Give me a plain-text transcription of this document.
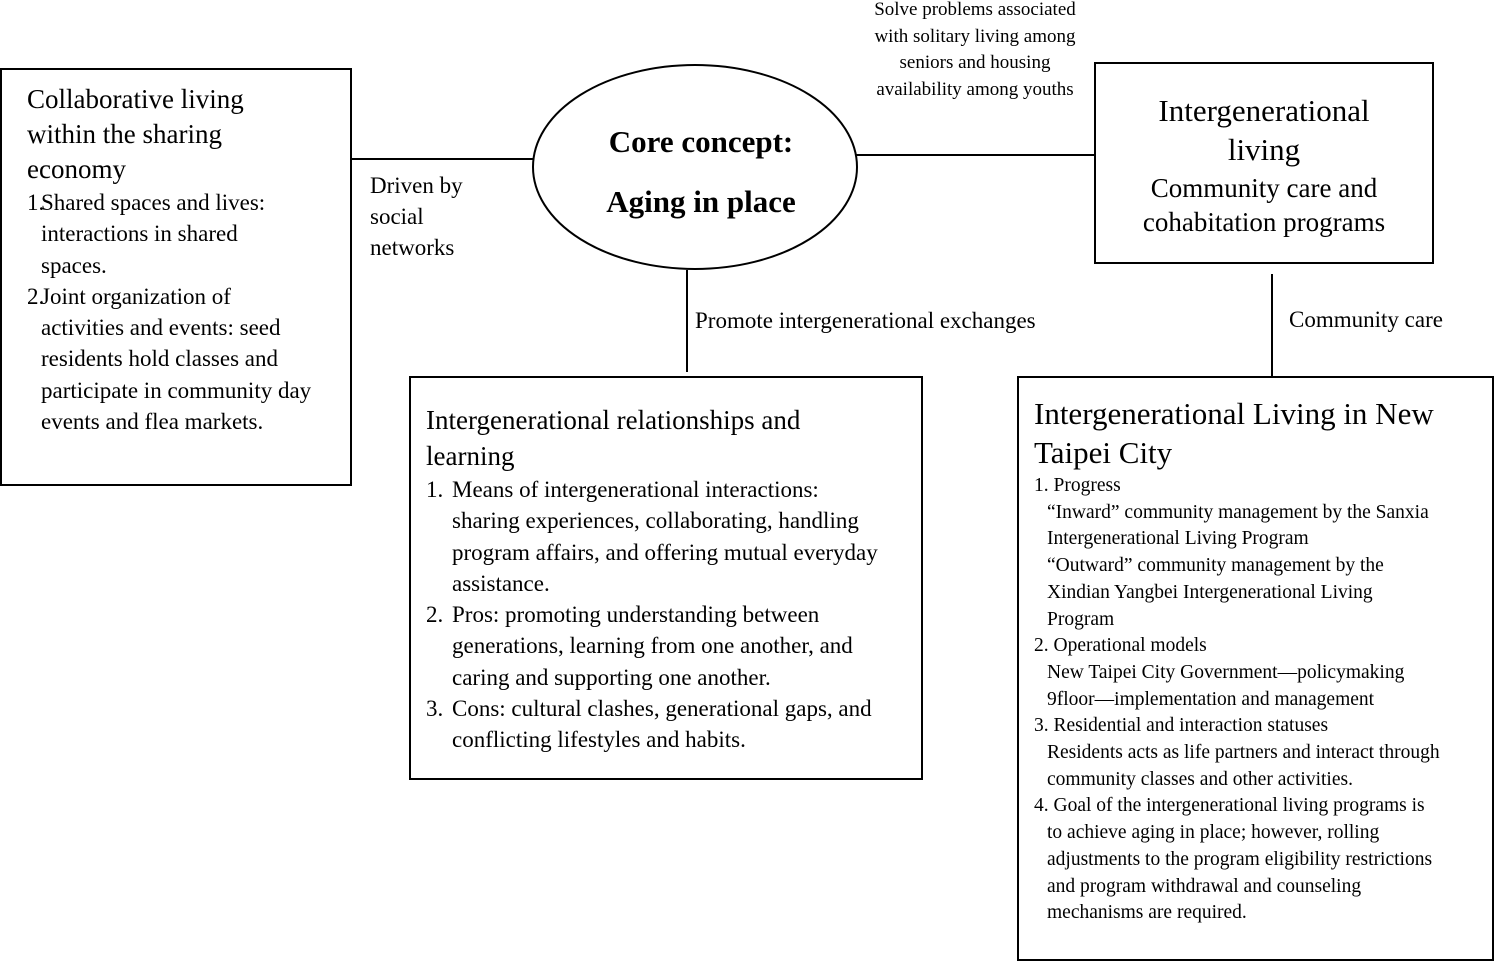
Core concept:
Aging in place
Collaborative living within the sharing economy
1.
Shared spaces and lives: interactions in shared spaces.
2.
Joint organization of activities and events: seed residents hold classes and participate in community day events and flea markets.
Driven by social networks
Solve problems associated with solitary living among seniors and housing availability among youths
Intergenerational living
Community care and cohabitation programs
Promote intergenerational exchanges	Community care
Intergenerational relationships and learning
1. Means of intergenerational interactions: sharing experiences, collaborating, handling program affairs, and offering mutual everyday assistance.
2. Pros: promoting understanding between generations, learning from one another, and caring and supporting one another.
3. Cons: cultural clashes, generational gaps, and conflicting lifestyles and habits.
Intergenerational Living in New Taipei City
1. Progress
“Inward” community management by the Sanxia Intergenerational Living Program
“Outward” community management by the Xindian Yangbei Intergenerational Living Program
2. Operational models
New Taipei City Government—policymaking
9floor—implementation and management
3. Residential and interaction statuses
Residents acts as life partners and interact through community classes and other activities.
4. Goal of the intergenerational living programs is
to achieve aging in place; however, rolling adjustments to the program eligibility restrictions and program withdrawal and counseling mechanisms are required.
